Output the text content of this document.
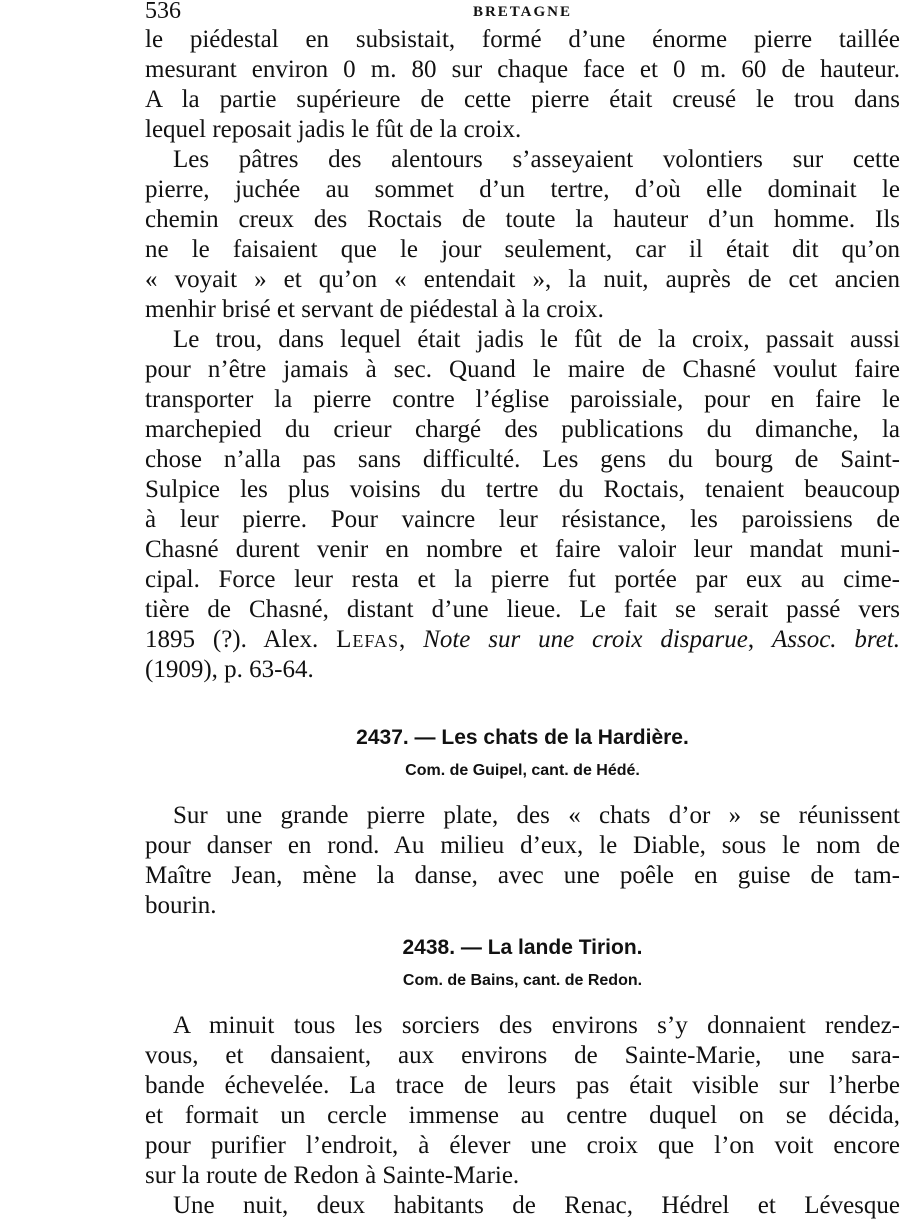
536	BRETAGNE
le piédestal en subsistait, formé d’une énorme pierre taillée
mesurant environ 0 m. 80 sur chaque face et 0 m. 60 de hauteur.
A la partie supérieure de cette pierre était creusé le trou dans
lequel reposait jadis le fût de la croix.
Les pâtres des alentours s’asseyaient volontiers sur cette
pierre, juchée au sommet d’un tertre, d’où elle dominait le
chemin creux des Roctais de toute la hauteur d’un homme. Ils
ne le faisaient que le jour seulement, car il était dit qu’on
« voyait » et qu’on « entendait », la nuit, auprès de cet ancien
menhir brisé et servant de piédestal à la croix.
Le trou, dans lequel était jadis le fût de la croix, passait aussi
pour n’être jamais à sec. Quand le maire de Chasné voulut faire
transporter la pierre contre l’église paroissiale, pour en faire le
marchepied du crieur chargé des publications du dimanche, la
chose n’alla pas sans difficulté. Les gens du bourg de Saint-
Sulpice les plus voisins du tertre du Roctais, tenaient beaucoup
à leur pierre. Pour vaincre leur résistance, les paroissiens de
Chasné durent venir en nombre et faire valoir leur mandat muni-
cipal. Force leur resta et la pierre fut portée par eux au cime-
tière de Chasné, distant d’une lieue. Le fait se serait passé vers
1895 (?). Alex. Lefas, Note sur une croix disparue, Assoc. bret.
(1909), p. 63-64.
2437. — Les chats de la Hardière.
Com. de Guipel, cant. de Hédé.
Sur une grande pierre plate, des « chats d’or » se réunissent
pour danser en rond. Au milieu d’eux, le Diable, sous le nom de
Maître Jean, mène la danse, avec une poêle en guise de tam-
bourin.
2438. — La lande Tirion.
Com. de Bains, cant. de Redon.
A minuit tous les sorciers des environs s’y donnaient rendez-
vous, et dansaient, aux environs de Sainte-Marie, une sara-
bande échevelée. La trace de leurs pas était visible sur l’herbe
et formait un cercle immense au centre duquel on se décida,
pour purifier l’endroit, à élever une croix que l’on voit encore
sur la route de Redon à Sainte-Marie.
Une nuit, deux habitants de Renac, Hédrel et Lévesque
